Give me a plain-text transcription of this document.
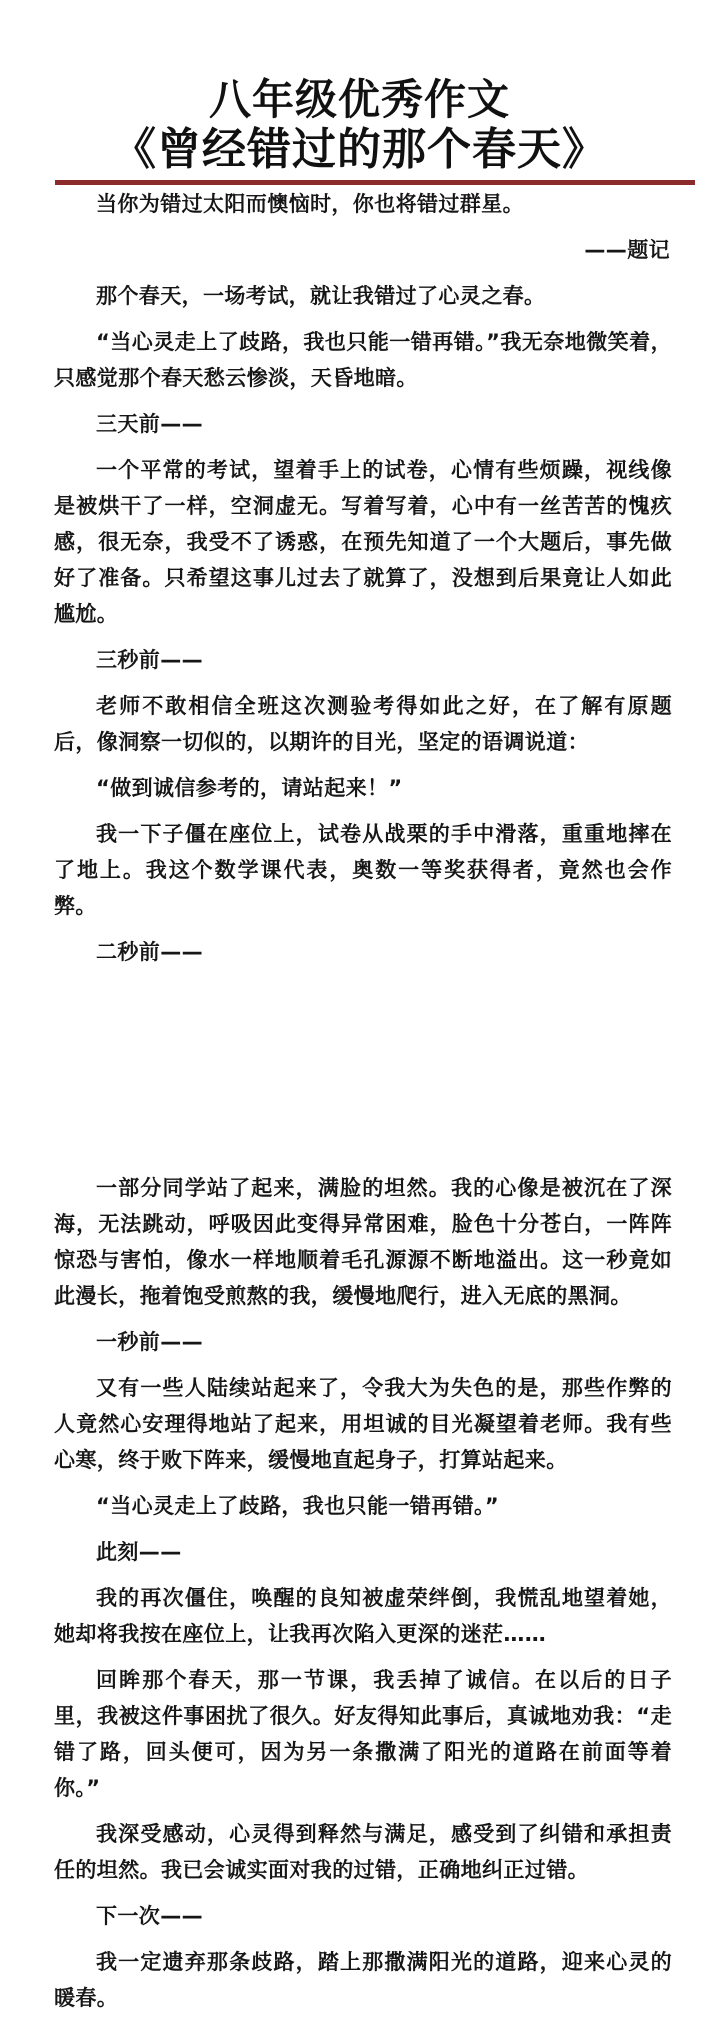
八年级优秀作文
《曾经错过的那个春天》

当你为错过太阳而懊恼时，你也将错过群星。

——题记

那个春天，一场考试，就让我错过了心灵之春。

“当心灵走上了歧路，我也只能一错再错。”我无奈地微笑着，只感觉那个春天愁云惨淡，天昏地暗。

三天前——

一个平常的考试，望着手上的试卷，心情有些烦躁，视线像是被烘干了一样，空洞虚无。写着写着，心中有一丝苦苦的愧疚感，很无奈，我受不了诱惑，在预先知道了一个大题后，事先做好了准备。只希望这事儿过去了就算了，没想到后果竟让人如此尴尬。

三秒前——

老师不敢相信全班这次测验考得如此之好，在了解有原题后，像洞察一切似的，以期许的目光，坚定的语调说道：

“做到诚信参考的，请站起来！”

我一下子僵在座位上，试卷从战栗的手中滑落，重重地摔在了地上。我这个数学课代表，奥数一等奖获得者，竟然也会作弊。

二秒前——

一部分同学站了起来，满脸的坦然。我的心像是被沉在了深海，无法跳动，呼吸因此变得异常困难，脸色十分苍白，一阵阵惊恐与害怕，像水一样地顺着毛孔源源不断地溢出。这一秒竟如此漫长，拖着饱受煎熬的我，缓慢地爬行，进入无底的黑洞。

一秒前——

又有一些人陆续站起来了，令我大为失色的是，那些作弊的人竟然心安理得地站了起来，用坦诚的目光凝望着老师。我有些心寒，终于败下阵来，缓慢地直起身子，打算站起来。

“当心灵走上了歧路，我也只能一错再错。”

此刻——

我的再次僵住，唤醒的良知被虚荣绊倒，我慌乱地望着她，她却将我按在座位上，让我再次陷入更深的迷茫……

回眸那个春天，那一节课，我丢掉了诚信。在以后的日子里，我被这件事困扰了很久。好友得知此事后，真诚地劝我：“走错了路，回头便可，因为另一条撒满了阳光的道路在前面等着你。”

我深受感动，心灵得到释然与满足，感受到了纠错和承担责任的坦然。我已会诚实面对我的过错，正确地纠正过错。

下一次——

我一定遗弃那条歧路，踏上那撒满阳光的道路，迎来心灵的暖春。
